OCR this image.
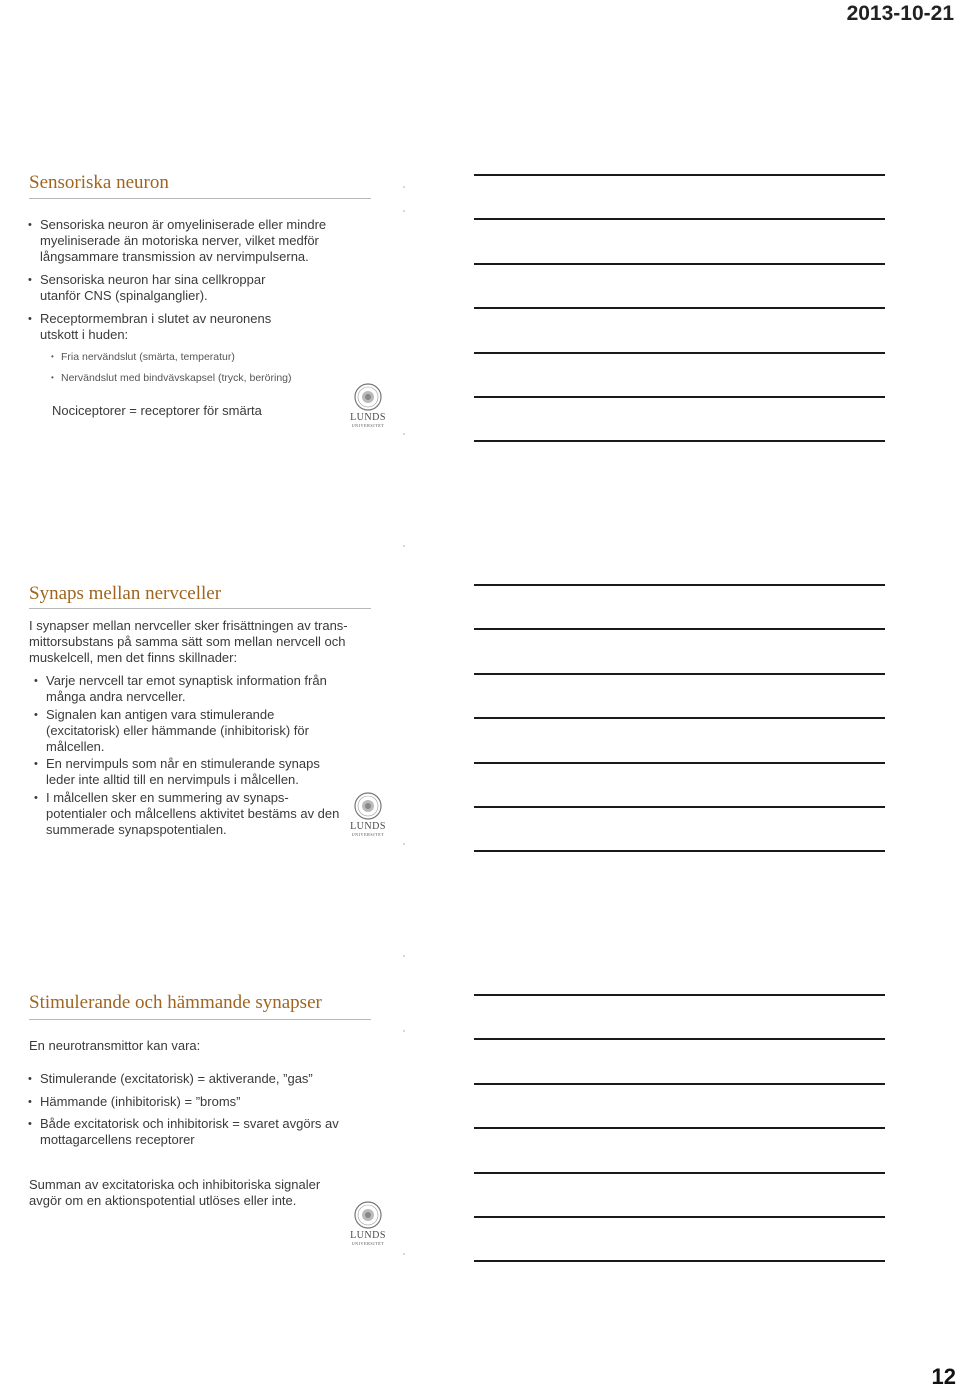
2013-10-21
Sensoriska neuron
• Sensoriska neuron är omyeliniserade eller mindre myeliniserade än motoriska nerver, vilket medför långsammare transmission av nervimpulserna.
• Sensoriska neuron har sina cellkroppar utanför CNS (spinalganglier).
• Receptormembran i slutet av neuronens utskott i huden:
• Fria nervändslut (smärta, temperatur)
• Nervändslut med bindvävskapsel (tryck, beröring)
Nociceptorer = receptorer för smärta	LUNDS
UNIVERSITET
Synaps mellan nervceller
I synapser mellan nervceller sker frisättningen av trans-mittorsubstans på samma sätt som mellan nervcell och muskelcell, men det finns skillnader:
• Varje nervcell tar emot synaptisk information från många andra nervceller.
• Signalen kan antigen vara stimulerande (excitatorisk) eller hämmande (inhibitorisk) för målcellen.
• En nervimpuls som når en stimulerande synaps leder inte alltid till en nervimpuls i målcellen.
• I målcellen sker en summering av synaps-potentialer och målcellens aktivitet bestäms av den summerade synapspotentialen.	LUNDS
UNIVERSITET
Stimulerande och hämmande synapser
En neurotransmittor kan vara:
• Stimulerande (excitatorisk) = aktiverande, ”gas”
• Hämmande (inhibitorisk) = ”broms”
• Både excitatorisk och inhibitorisk = svaret avgörs av mottagarcellens receptorer
Summan av excitatoriska och inhibitoriska signaler avgör om en aktionspotential utlöses eller inte.
LUNDS
UNIVERSITET
12
